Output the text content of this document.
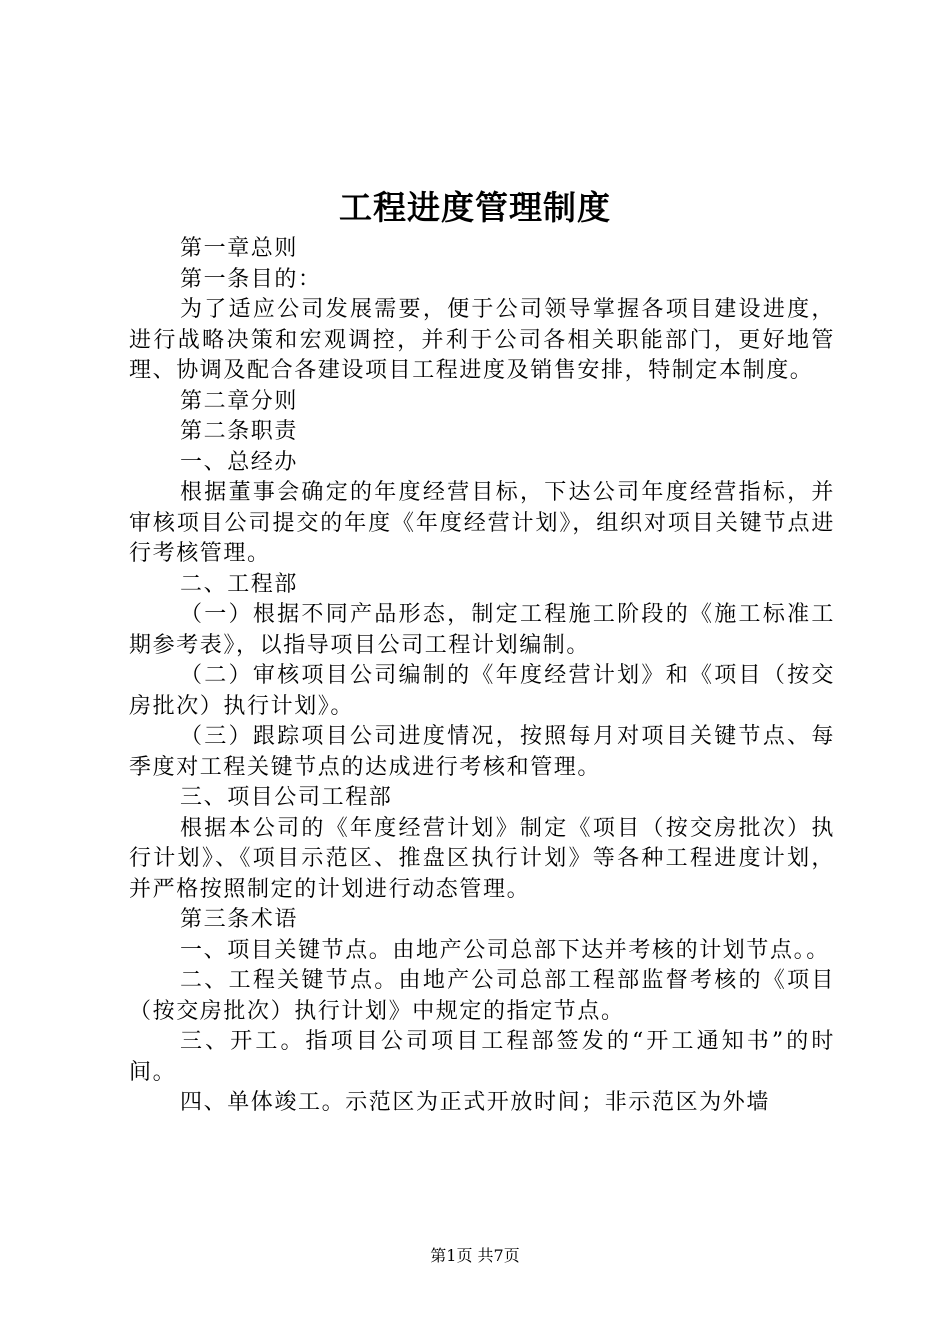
工程进度管理制度

第一章总则

第一条目的：

为了适应公司发展需要，便于公司领导掌握各项目建设进度，进行战略决策和宏观调控，并利于公司各相关职能部门，更好地管理、协调及配合各建设项目工程进度及销售安排，特制定本制度。

第二章分则

第二条职责

一、总经办

根据董事会确定的年度经营目标，下达公司年度经营指标，并审核项目公司提交的年度《年度经营计划》，组织对项目关键节点进行考核管理。

二、工程部

（一）根据不同产品形态，制定工程施工阶段的《施工标准工期参考表》，以指导项目公司工程计划编制。

（二）审核项目公司编制的《年度经营计划》和《项目（按交房批次）执行计划》。

（三）跟踪项目公司进度情况，按照每月对项目关键节点、每季度对工程关键节点的达成进行考核和管理。

三、项目公司工程部

根据本公司的《年度经营计划》制定《项目（按交房批次）执行计划》、《项目示范区、推盘区执行计划》等各种工程进度计划，并严格按照制定的计划进行动态管理。

第三条术语

一、项目关键节点。由地产公司总部下达并考核的计划节点。。

二、工程关键节点。由地产公司总部工程部监督考核的《项目（按交房批次）执行计划》中规定的指定节点。

三、开工。指项目公司项目工程部签发的“开工通知书”的时间。

四、单体竣工。示范区为正式开放时间；非示范区为外墙

第1页 共7页
